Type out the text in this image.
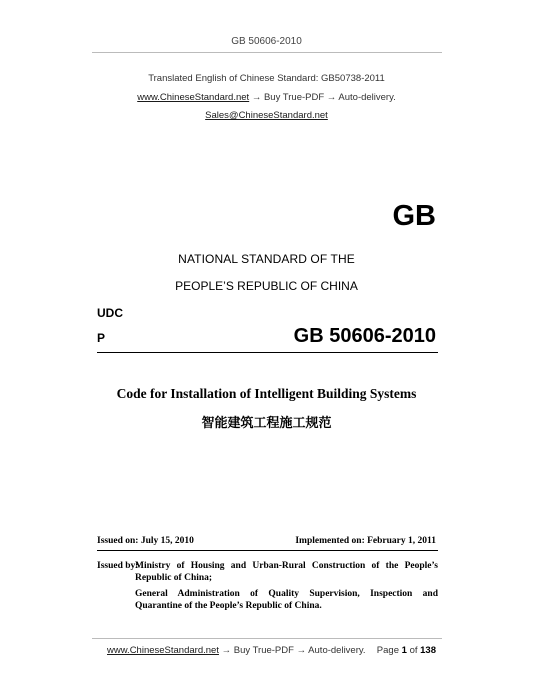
GB 50606-2010
Translated English of Chinese Standard: GB50738-2011
www.ChineseStandard.net → Buy True-PDF → Auto-delivery.
Sales@ChineseStandard.net
GB
NATIONAL STANDARD OF THE
PEOPLE’S REPUBLIC OF CHINA
UDC
P	GB 50606-2010
Code for Installation of Intelligent Building Systems
智能建筑工程施工规范
Issued on: July 15, 2010	Implemented on: February 1, 2011
Issued by:

Ministry of Housing and Urban-Rural Construction of the People’s Republic of China;

General Administration of Quality Supervision, Inspection and Quarantine of the People’s Republic of China.

www.ChineseStandard.net → Buy True-PDF → Auto-delivery. Page 1 of 138
